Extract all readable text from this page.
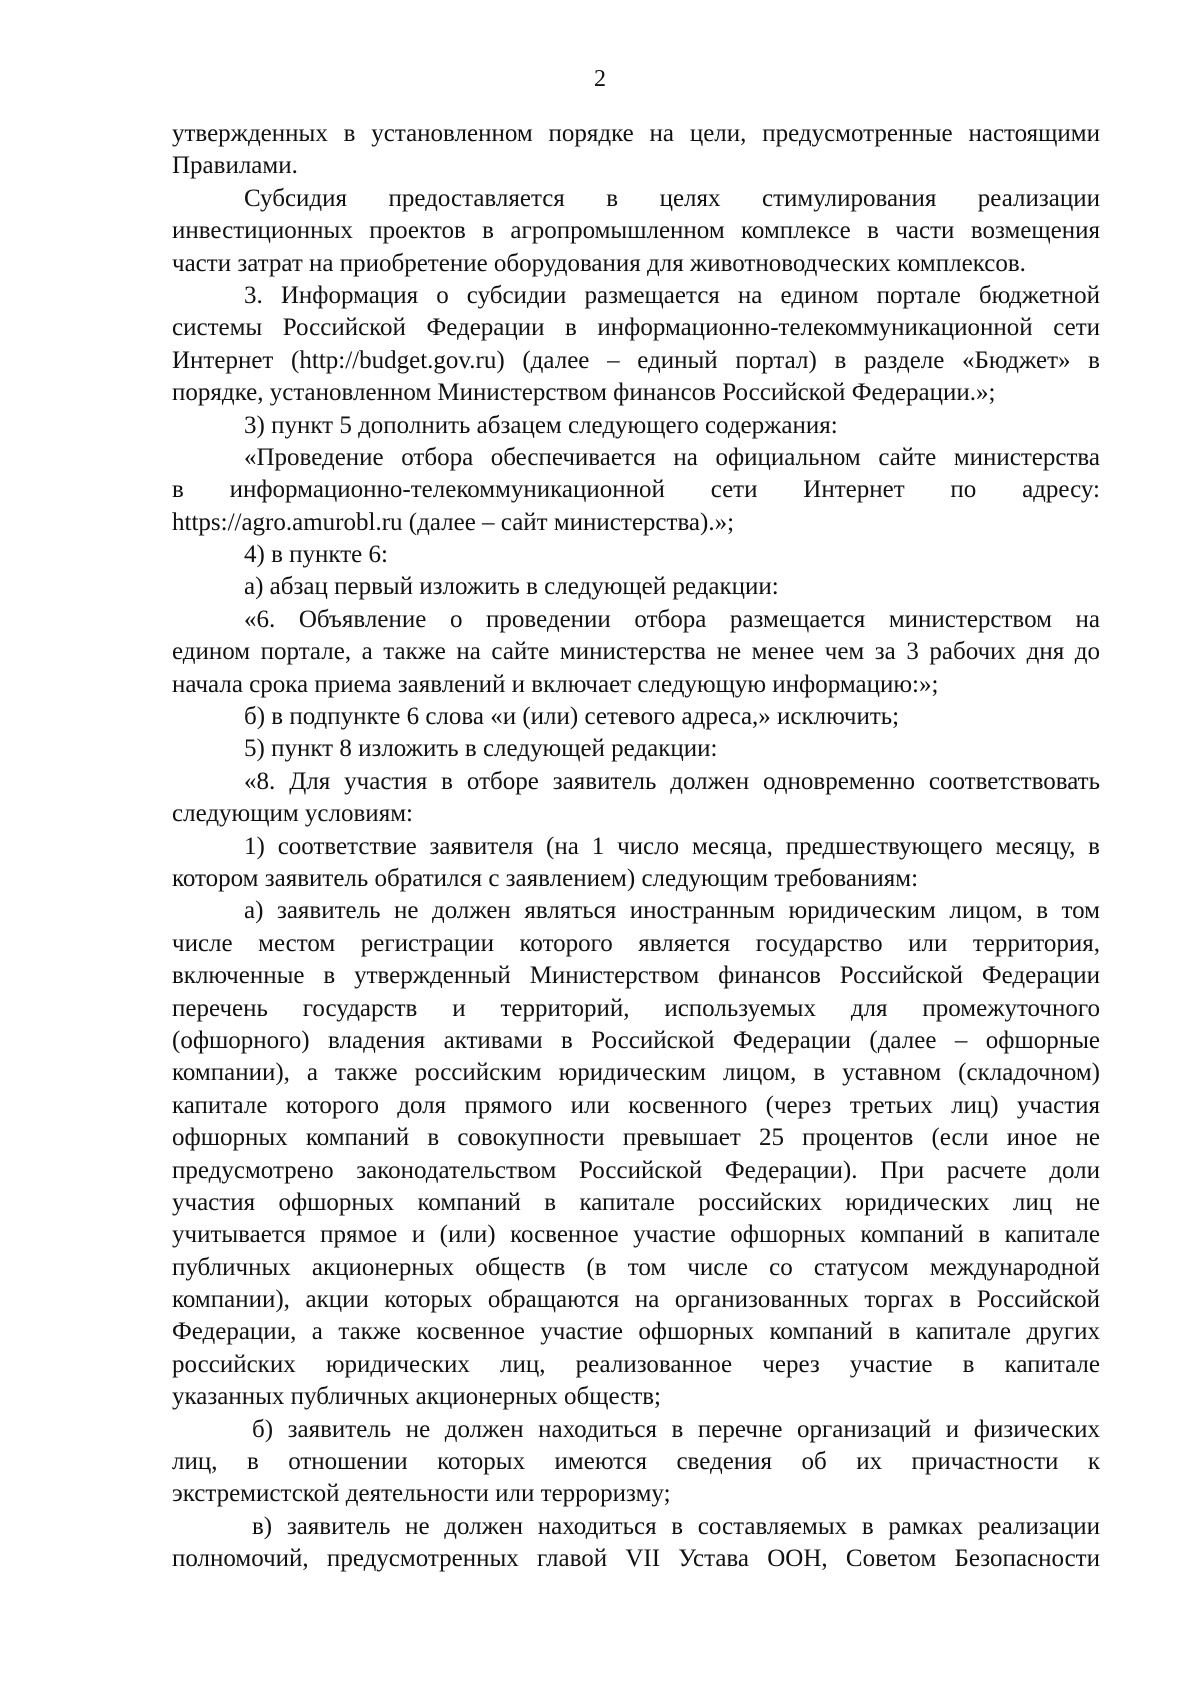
2
утвержденных в установленном порядке на цели, предусмотренные настоящими
Правилами.
Субсидия предоставляется в целях стимулирования реализации
инвестиционных проектов в агропромышленном комплексе в части возмещения
части затрат на приобретение оборудования для животноводческих комплексов.
3. Информация о субсидии размещается на едином портале бюджетной
системы Российской Федерации в информационно-телекоммуникационной сети
Интернет (http://budget.gov.ru) (далее – единый портал) в разделе «Бюджет» в
порядке, установленном Министерством финансов Российской Федерации.»;
3) пункт 5 дополнить абзацем следующего содержания:
«Проведение отбора обеспечивается на официальном сайте министерства
в информационно-телекоммуникационной сети Интернет по адресу:
https://agro.amurobl.ru (далее – сайт министерства).»;
4) в пункте 6:
а) абзац первый изложить в следующей редакции:
«6. Объявление о проведении отбора размещается министерством на
едином портале, а также на сайте министерства не менее чем за 3 рабочих дня до
начала срока приема заявлений и включает следующую информацию:»;
б) в подпункте 6 слова «и (или) сетевого адреса,» исключить;
5) пункт 8 изложить в следующей редакции:
«8. Для участия в отборе заявитель должен одновременно соответствовать
следующим условиям:
1) соответствие заявителя (на 1 число месяца, предшествующего месяцу, в
котором заявитель обратился с заявлением) следующим требованиям:
а) заявитель не должен являться иностранным юридическим лицом, в том
числе местом регистрации которого является государство или территория,
включенные в утвержденный Министерством финансов Российской Федерации
перечень государств и территорий, используемых для промежуточного
(офшорного) владения активами в Российской Федерации (далее – офшорные
компании), а также российским юридическим лицом, в уставном (складочном)
капитале которого доля прямого или косвенного (через третьих лиц) участия
офшорных компаний в совокупности превышает 25 процентов (если иное не
предусмотрено законодательством Российской Федерации). При расчете доли
участия офшорных компаний в капитале российских юридических лиц не
учитывается прямое и (или) косвенное участие офшорных компаний в капитале
публичных акционерных обществ (в том числе со статусом международной
компании), акции которых обращаются на организованных торгах в Российской
Федерации, а также косвенное участие офшорных компаний в капитале других
российских юридических лиц, реализованное через участие в капитале
указанных публичных акционерных обществ;
б) заявитель не должен находиться в перечне организаций и физических
лиц, в отношении которых имеются сведения об их причастности к
экстремистской деятельности или терроризму;
в) заявитель не должен находиться в составляемых в рамках реализации
полномочий, предусмотренных главой VII Устава ООН, Советом Безопасности
